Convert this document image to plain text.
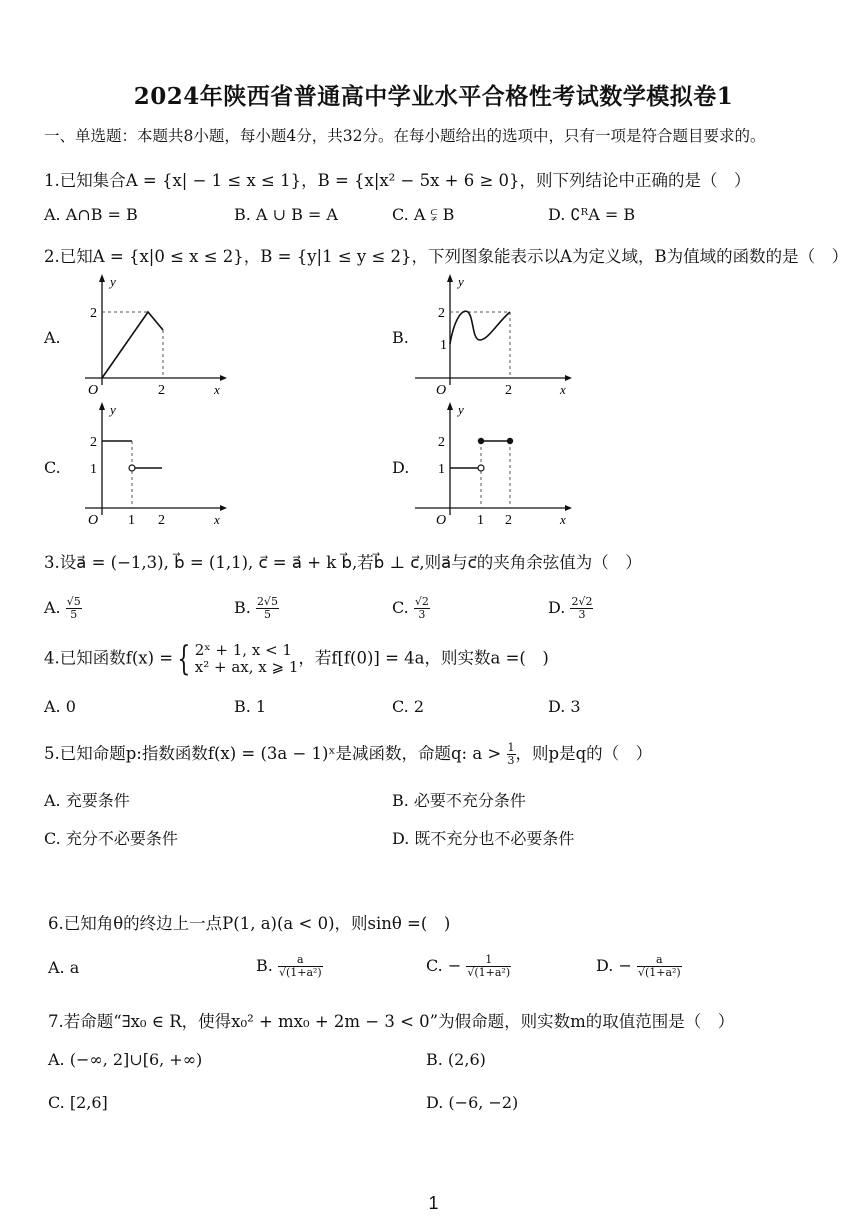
2024年陕西省普通高中学业水平合格性考试数学模拟卷1
一、单选题：本题共8小题，每小题4分，共32分。在每小题给出的选项中，只有一项是符合题目要求的。
1.已知集合A = {x| − 1 ≤ x ≤ 1}，B = {x|x² − 5x + 6 ≥ 0}，则下列结论中正确的是（　）
A. A∩B = B	B. A ∪ B = A	C. A ⫋ B	D. ∁ᴿA = B
2.已知A = {x|0 ≤ x ≤ 2}，B = {y|1 ≤ y ≤ 2}，下列图象能表示以A为定义域，B为值域的函数的是（　）
A.	B.
C.	D.
y
x
O
2
2
y
x
O
2
1
2
y
x
O
2
1
1 2
y
x
O
2
1
1 2
3.设a⃗ = (−1,3), b⃗ = (1,1), c⃗ = a⃗ + k b⃗,若b⃗ ⊥ c⃗,则a⃗与c⃗的夹角余弦值为（　）
A. $\frac{√5}{5}$	B. $\frac{2√5}{5}$	C. $\frac{√2}{3}$	D. $\frac{2√2}{3}$
4.已知函数f(x) = { 2ˣ + 1, x < 1
x² + ax, x ⩾ 1 ，若f[f(0)] = 4a，则实数a =(　)
A. 0	B. 1	C. 2	D. 3
5.已知命题p:指数函数f(x) = (3a − 1)ˣ是减函数，命题q: $a > \frac{1}{3}$ ，则p是q的（　）
A. 充要条件	B. 必要不充分条件
C. 充分不必要条件	D. 既不充分也不必要条件
6.已知角θ的终边上一点P(1, a)(a < 0)，则sinθ =(　)
A. a	B. $\frac{a}{\text{√(1+a²)}}$	C. − $\frac{1}{\text{√(1+a²)}}$	D. − $\frac{a}{\text{√(1+a²)}}$
7.若命题“∃x₀ ∈ R，使得x₀² + mx₀ + 2m − 3 < 0”为假命题，则实数m的取值范围是（　）
A. (−∞, 2]∪[6, +∞)	B. (2,6)
C. [2,6]	D. (−6, −2)
1
